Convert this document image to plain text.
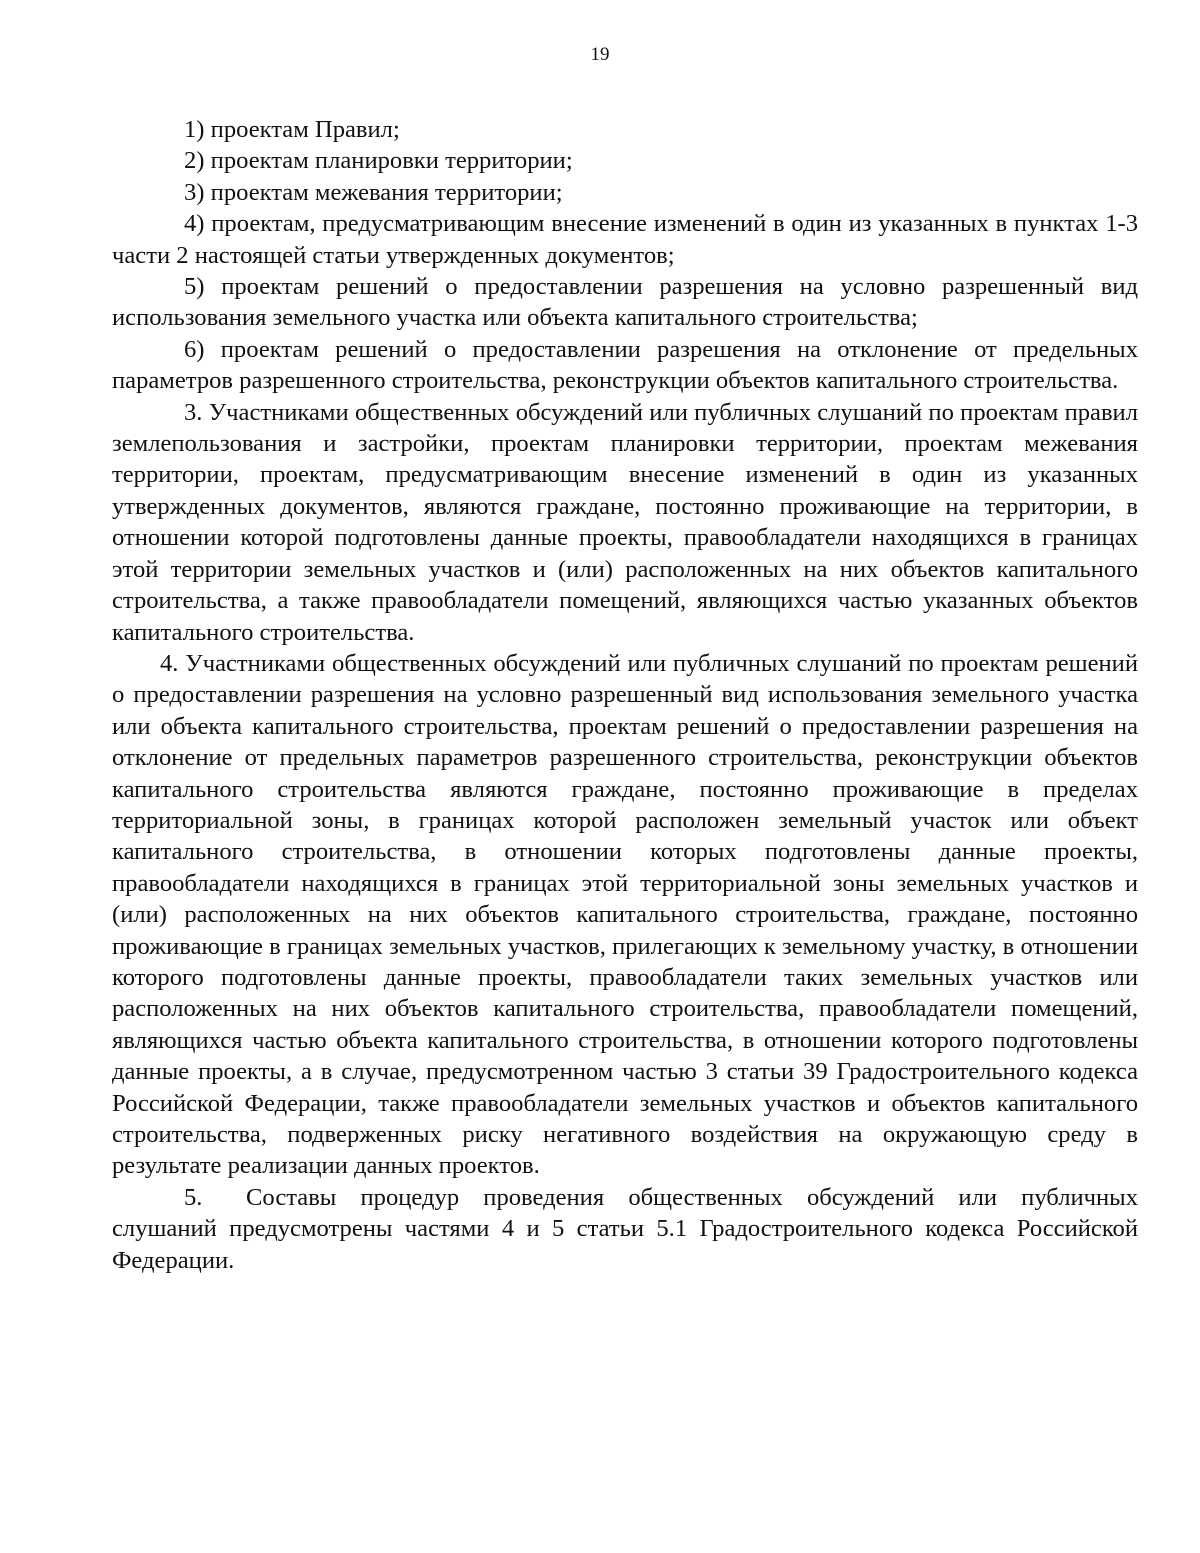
19

1) проектам Правил;

2) проектам планировки территории;

3) проектам межевания территории;

4) проектам, предусматривающим внесение изменений в один из указанных в пунктах 1-3 части 2 настоящей статьи утвержденных документов;

5) проектам решений о предоставлении разрешения на условно разрешенный вид использования земельного участка или объекта капитального строительства;

6) проектам решений о предоставлении разрешения на отклонение от предельных параметров разрешенного строительства, реконструкции объектов капитального строительства.

3. Участниками общественных обсуждений или публичных слушаний по проектам правил землепользования и застройки, проектам планировки территории, проектам межевания территории, проектам, предусматривающим внесение изменений в один из указанных утвержденных документов, являются граждане, постоянно проживающие на территории, в отношении которой подготовлены данные проекты, правообладатели находящихся в границах этой территории земельных участков и (или) расположенных на них объектов капитального строительства, а также правообладатели помещений, являющихся частью указанных объектов капитального строительства.

4. Участниками общественных обсуждений или публичных слушаний по проектам решений о предоставлении разрешения на условно разрешенный вид использования земельного участка или объекта капитального строительства, проектам решений о предоставлении разрешения на отклонение от предельных параметров разрешенного строительства, реконструкции объектов капитального строительства являются граждане, постоянно проживающие в пределах территориальной зоны, в границах которой расположен земельный участок или объект капитального строительства, в отношении которых подготовлены данные проекты, правообладатели находящихся в границах этой территориальной зоны земельных участков и (или) расположенных на них объектов капитального строительства, граждане, постоянно проживающие в границах земельных участков, прилегающих к земельному участку, в отношении которого подготовлены данные проекты, правообладатели таких земельных участков или расположенных на них объектов капитального строительства, правообладатели помещений, являющихся частью объекта капитального строительства, в отношении которого подготовлены данные проекты, а в случае, предусмотренном частью 3 статьи 39 Градостроительного кодекса Российской Федерации, также правообладатели земельных участков и объектов капитального строительства, подверженных риску негативного воздействия на окружающую среду в результате реализации данных проектов.

5. Составы процедур проведения общественных обсуждений или публичных слушаний предусмотрены частями 4 и 5 статьи 5.1 Градостроительного кодекса Российской Федерации.
